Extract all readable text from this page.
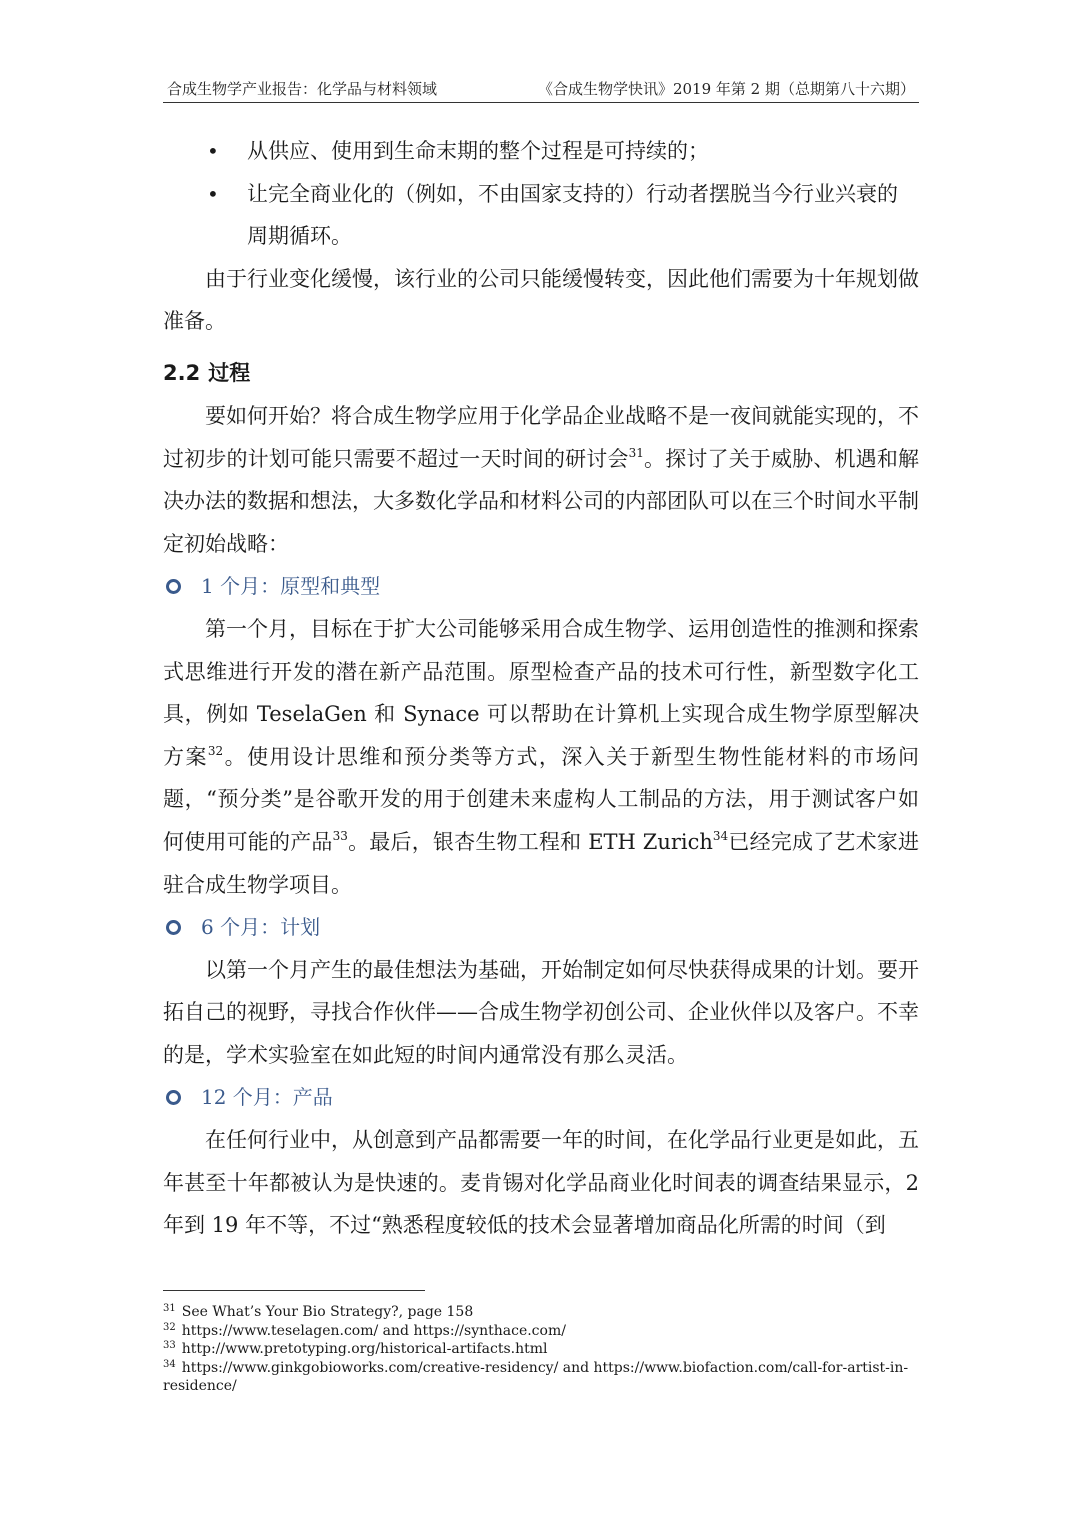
合成生物学产业报告：化学品与材料领域	《合成生物学快讯》2019 年第 2 期（总期第八十六期）
• 从供应、使用到生命末期的整个过程是可持续的；
• 让完全商业化的（例如，不由国家支持的）行动者摆脱当今行业兴衰的
周期循环。

由于行业变化缓慢，该行业的公司只能缓慢转变，因此他们需要为十年规划做准备。

2.2 过程

要如何开始？将合成生物学应用于化学品企业战略不是一夜间就能实现的，不过初步的计划可能只需要不超过一天时间的研讨会$^{31}$。探讨了关于威胁、机遇和解决办法的数据和想法，大多数化学品和材料公司的内部团队可以在三个时间水平制定初始战略：

1 个月：原型和典型

第一个月，目标在于扩大公司能够采用合成生物学、运用创造性的推测和探索式思维进行开发的潜在新产品范围。原型检查产品的技术可行性，新型数字化工具，例如 TeselaGen 和 Synace 可以帮助在计算机上实现合成生物学原型解决方案$^{32}$。使用设计思维和预分类等方式，深入关于新型生物性能材料的市场问题，“预分类”是谷歌开发的用于创建未来虚构人工制品的方法，用于测试客户如何使用可能的产品$^{33}$。最后，银杏生物工程和 ETH Zurich$^{34}$已经完成了艺术家进驻合成生物学项目。

6 个月：计划

以第一个月产生的最佳想法为基础，开始制定如何尽快获得成果的计划。要开拓自己的视野，寻找合作伙伴——合成生物学初创公司、企业伙伴以及客户。不幸的是，学术实验室在如此短的时间内通常没有那么灵活。

12 个月：产品

在任何行业中，从创意到产品都需要一年的时间，在化学品行业更是如此，五年甚至十年都被认为是快速的。麦肯锡对化学品商业化时间表的调查结果显示，2 年到 19 年不等，不过“熟悉程度较低的技术会显著增加商品化所需的时间（到

$^{31}$ See What’s Your Bio Strategy?, page 158
$^{32}$ https://www.teselagen.com/ and https://synthace.com/
$^{33}$ http://www.pretotyping.org/historical-artifacts.html
$^{34}$ https://www.ginkgobioworks.com/creative-residency/ and https://www.biofaction.com/call-for-artist-in-residence/
